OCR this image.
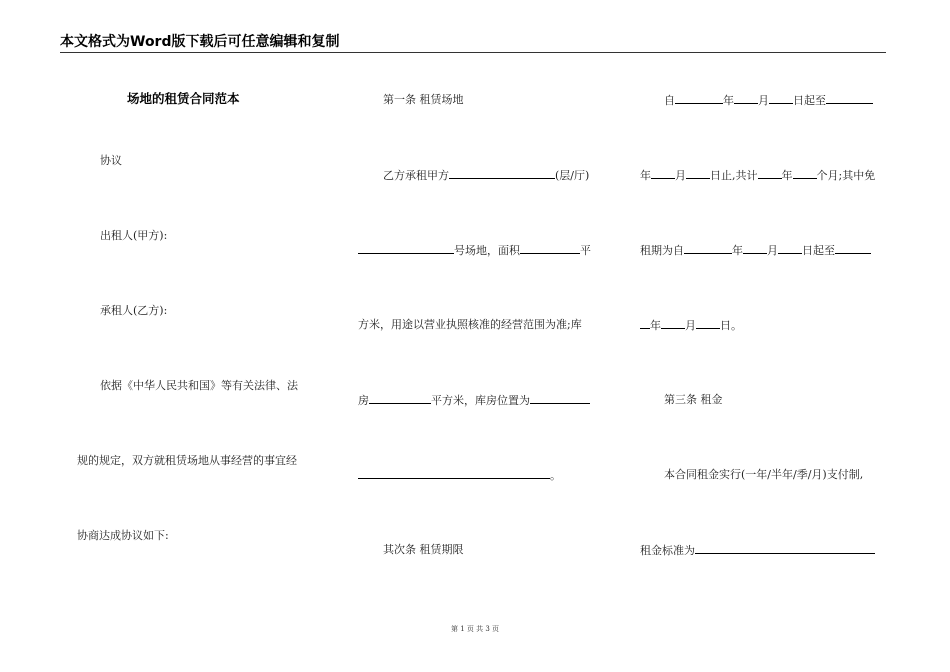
本文格式为Word版下载后可任意编辑和复制
场地的租赁合同范本
协议
出租人(甲方):
承租人(乙方):
依据《中华人民共和国》等有关法律、法
规的规定，双方就租赁场地从事经营的事宜经
协商达成协议如下:
第一条 租赁场地
乙方承租甲方	(层/厅)
号场地，面积	平
方米，用途以营业执照核准的经营范围为准;库
房	平方米，库房位置为
。
其次条 租赁期限
自	年 月 日起至
年 月 日止,共计 年 个月;其中免
租期为自	年 月 日起至
年 月 日。
第三条 租金
本合同租金实行(一年/半年/季/月)支付制,
租金标准为
第 1 页 共 3 页
